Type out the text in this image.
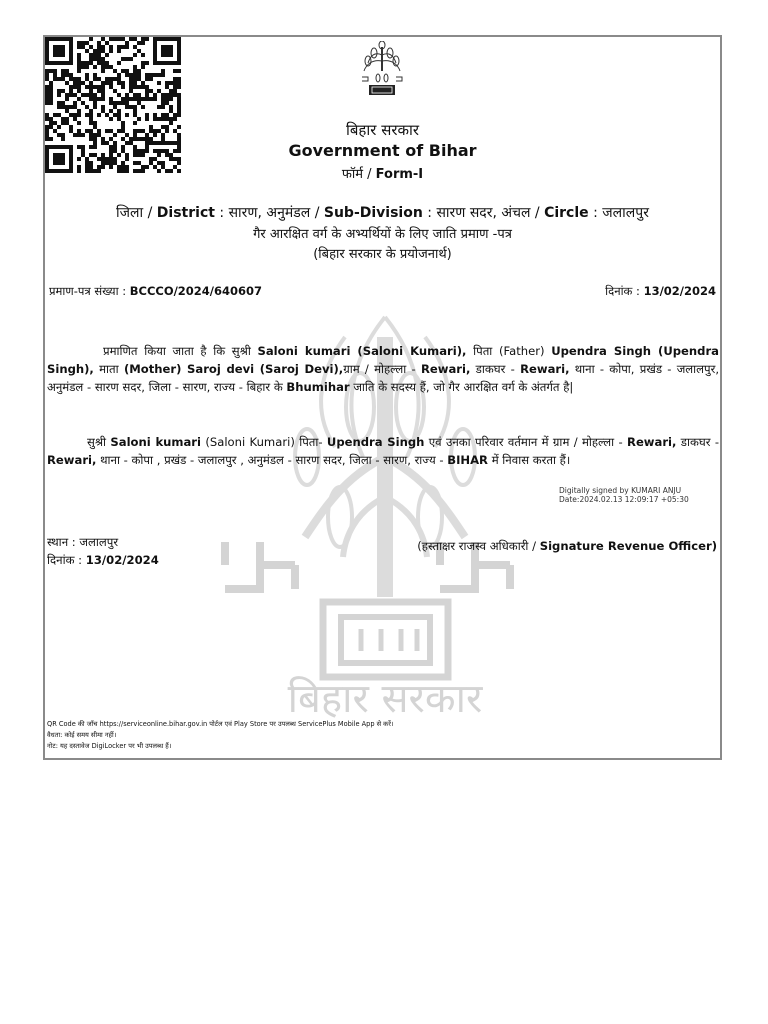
बिहार सरकार
बिहार सरकार
Government of Bihar
फॉर्म / Form-I
जिला / District : सारण, अनुमंडल / Sub-Division : सारण सदर, अंचल / Circle : जलालपुर
गैर आरक्षित वर्ग के अभ्यर्थियों के लिए जाति प्रमाण -पत्र
(बिहार सरकार के प्रयोजनार्थ)
प्रमाण-पत्र संख्या : BCCCO/2024/640607	दिनांक : 13/02/2024
प्रमाणित किया जाता है कि सुश्री Saloni kumari (Saloni Kumari), पिता (Father) Upendra Singh (Upendra Singh), माता (Mother) Saroj devi (Saroj Devi),ग्राम / मोहल्ला - Rewari, डाकघर - Rewari, थाना - कोपा, प्रखंड - जलालपुर, अनुमंडल - सारण सदर, जिला - सारण, राज्य - बिहार के Bhumihar जाति के सदस्य हैं, जो गैर आरक्षित वर्ग के अंतर्गत है|
सुश्री Saloni kumari (Saloni Kumari) पिता- Upendra Singh एवं उनका परिवार वर्तमान में ग्राम / मोहल्ला - Rewari, डाकघर - Rewari, थाना - कोपा , प्रखंड - जलालपुर , अनुमंडल - सारण सदर, जिला - सारण, राज्य - BIHAR में निवास करता हैं।
Digitally signed by KUMARI ANJU
Date:2024.02.13 12:09:17 +05:30
स्थान : जलालपुर
दिनांक : 13/02/2024
(हस्ताक्षर राजस्व अधिकारी / Signature Revenue Officer)
QR Code की जाँच https://serviceonline.bihar.gov.in पोर्टल एवं Play Store पर उपलब्ध ServicePlus Mobile App से करें।
वैधता: कोई समय सीमा नहीं।
नोट: यह दस्तावेज DigiLocker पर भी उपलब्ध हैं।
